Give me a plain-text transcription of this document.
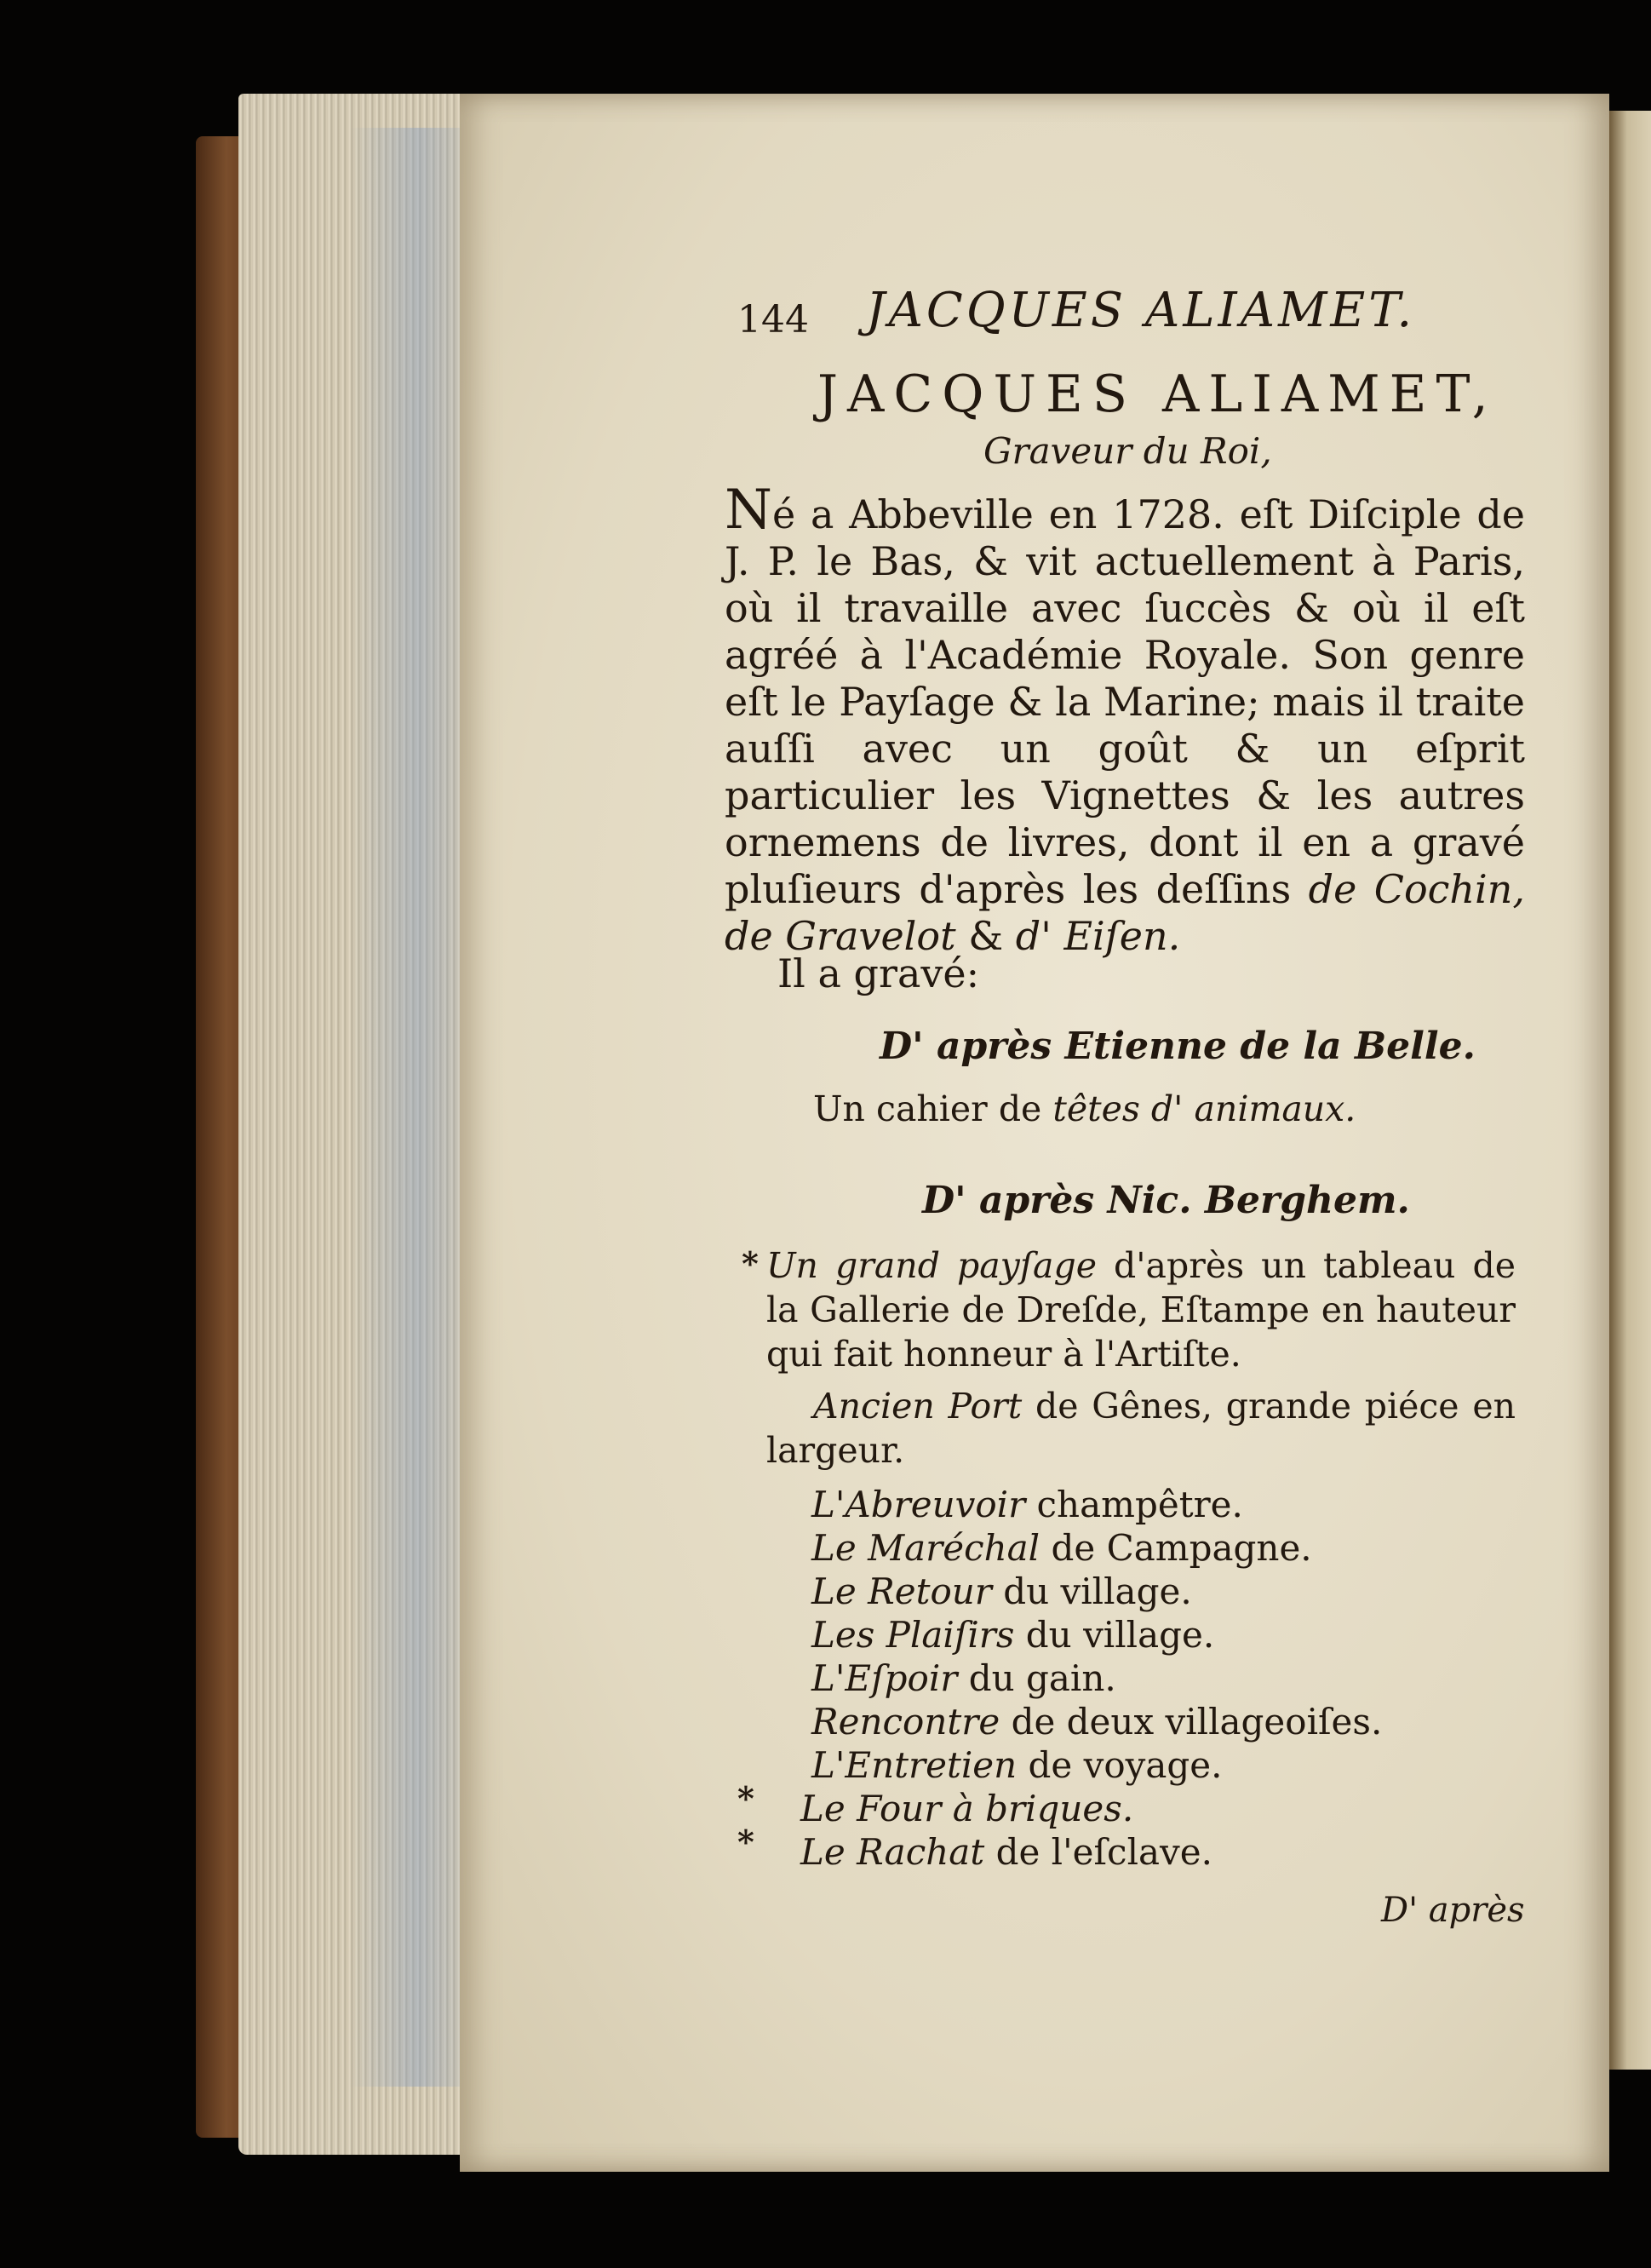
144 JACQUES ALIAMET.
JACQUES ALIAMET,
Graveur du Roi,
Né a Abbeville en 1728. eſt Diſciple de J. P. le Bas, & vit actuellement à Paris, où il travaille avec ſuccès & où il eſt agréé à l'Académie Royale. Son genre eſt le Payſage & la Marine; mais il traite auſſi avec un goût & un eſprit particulier les Vignettes & les autres ornemens de livres, dont il en a gravé pluſieurs d'après les deſſins de Cochin, de Gravelot & d' Eiſen.
Il a gravé:
D' après Etienne de la Belle.
Un cahier de têtes d' animaux.
D' après Nic. Berghem.
* Un grand payſage d'après un tableau de la Gallerie de Dreſde, Eſtampe en hauteur qui fait honneur à l'Artiſte.
Ancien Port de Gênes, grande piéce en largeur.
L'Abreuvoir champêtre.
Le Maréchal de Campagne.
Le Retour du village.
Les Plaiſirs du village.
L'Eſpoir du gain.
Rencontre de deux villageoiſes.
L'Entretien de voyage.
* Le Four à briques.
* Le Rachat de l'eſclave.
D' après
